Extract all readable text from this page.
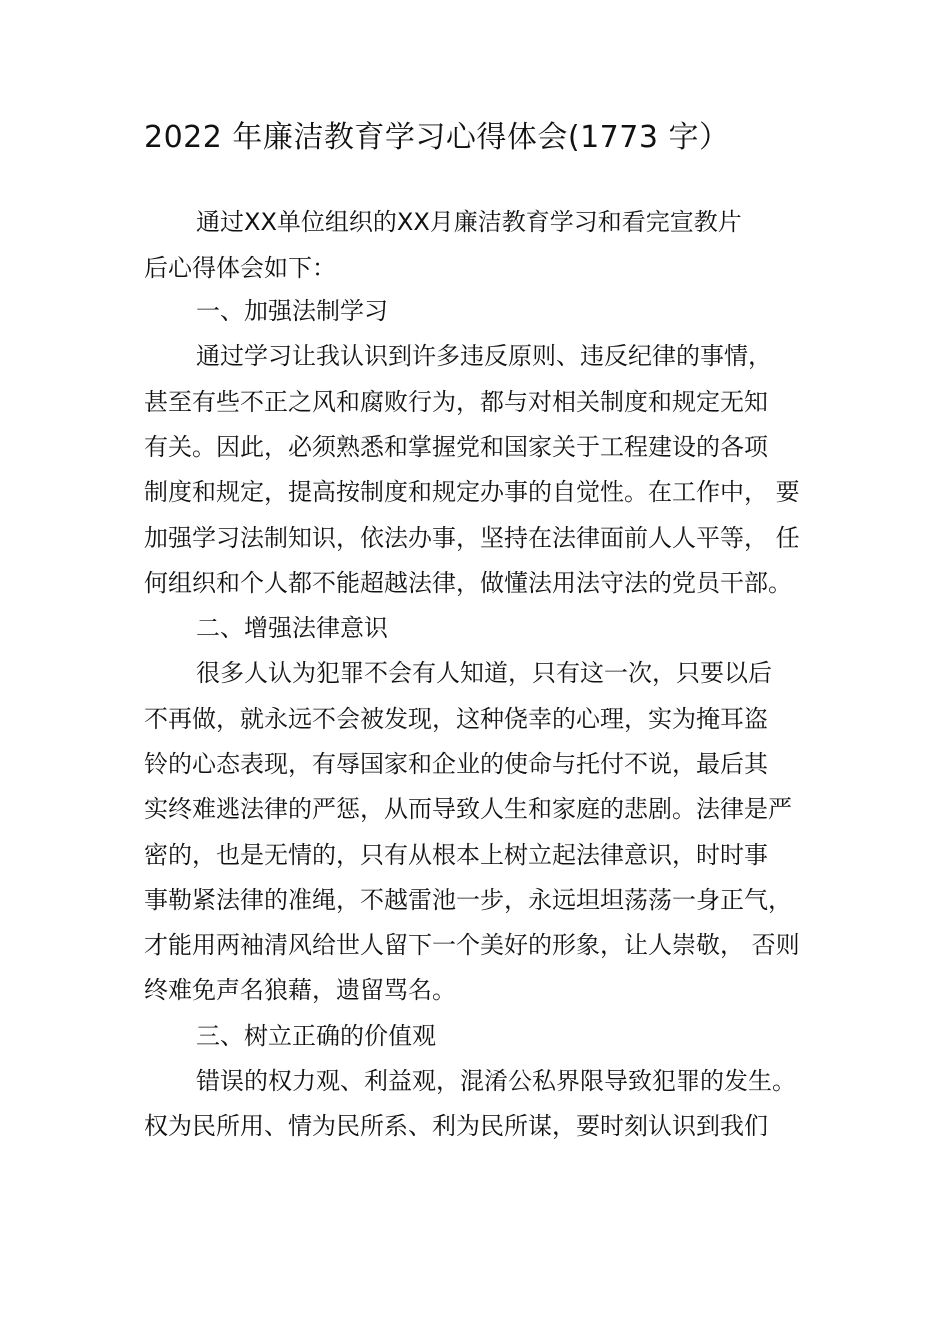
2022 年廉洁教育学习心得体会(1773 字）

通过XX单位组织的XX月廉洁教育学习和看完宣教片

后心得体会如下：

一、加强法制学习

通过学习让我认识到许多违反原则、违反纪律的事情，

甚至有些不正之风和腐败行为，都与对相关制度和规定无知

有关。因此，必须熟悉和掌握党和国家关于工程建设的各项

制度和规定，提高按制度和规定办事的自觉性。在工作中， 要

加强学习法制知识，依法办事，坚持在法律面前人人平等， 任

何组织和个人都不能超越法律，做懂法用法守法的党员干部。

二、增强法律意识

很多人认为犯罪不会有人知道，只有这一次，只要以后

不再做，就永远不会被发现，这种侥幸的心理，实为掩耳盗

铃的心态表现，有辱国家和企业的使命与托付不说，最后其

实终难逃法律的严惩，从而导致人生和家庭的悲剧。法律是严

密的，也是无情的，只有从根本上树立起法律意识，时时事

事勒紧法律的准绳，不越雷池一步，永远坦坦荡荡一身正气，

才能用两袖清风给世人留下一个美好的形象，让人崇敬， 否则

终难免声名狼藉，遗留骂名。

三、树立正确的价值观

错误的权力观、利益观，混淆公私界限导致犯罪的发生。

权为民所用、情为民所系、利为民所谋，要时刻认识到我们
